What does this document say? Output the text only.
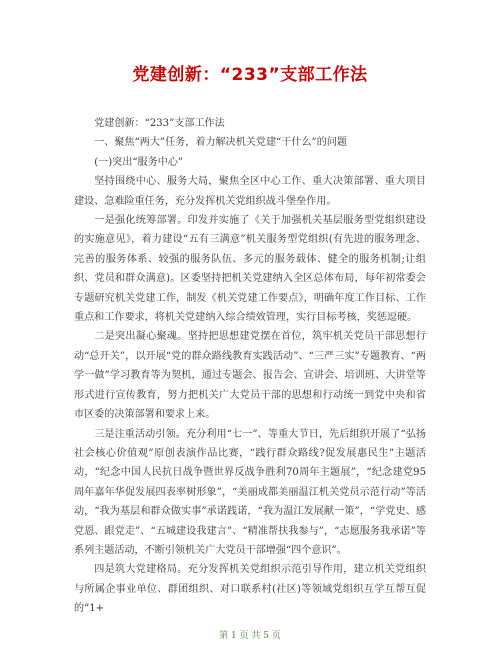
党建创新：“233”支部工作法

党建创新：“233”支部工作法

一、聚焦“两大”任务，着力解决机关党建“干什么”的问题

(一)突出“服务中心”

坚持围绕中心、服务大局，聚焦全区中心工作、重大决策部署、重大项目建设、急难险重任务，充分发挥机关党组织战斗堡垒作用。

一是强化统筹部署。印发并实施了《关于加强机关基层服务型党组织建设的实施意见》，着力建设“五有三满意”机关服务型党组织(有先进的服务理念、完善的服务体系、较强的服务队伍、多元的服务载体、健全的服务机制;让组织、党员和群众满意)。区委坚持把机关党建纳入全区总体布局，每年初常委会专题研究机关党建工作，制发《机关党建工作要点》，明确年度工作目标、工作重点和工作要求，将机关党建纳入综合绩效管理，实行目标考核，奖惩逗硬。

二是突出凝心聚魂。坚持把思想建党摆在首位，筑牢机关党员干部思想行动“总开关”，以开展“党的群众路线教育实践活动”、“三严三实”专题教育、“两学一做”学习教育等为契机，通过专题会、报告会、宣讲会、培训班、大讲堂等形式进行宣传教育，努力把机关广大党员干部的思想和行动统一到党中央和省市区委的决策部署和要求上来。

三是注重活动引领。充分利用“七一”、等重大节日，先后组织开展了“弘扬社会核心价值观”原创表演作品比赛，“践行群众路线?促发展惠民生”主题活动，“纪念中国人民抗日战争暨世界反战争胜利70周年主题展”，“纪念建党95周年嘉年华促发展四表率树形象”，“美丽成都美丽温江机关党员示范行动”等活动，“我为基层和群众做实事”承诺践诺，“我为温江发展献一策”，“学党史、感党恩、跟党走”、“五城建设我建言”、“精准帮扶我参与”，“志愿服务我承诺”等系列主题活动，不断引领机关广大党员干部增强“四个意识”。

四是筑大党建格局。充分发挥机关党组织示范引导作用，建立机关党组织与所属企事业单位、群团组织、对口联系村(社区)等领域党组织互学互帮互促的“1+

第 1 页 共 5 页
